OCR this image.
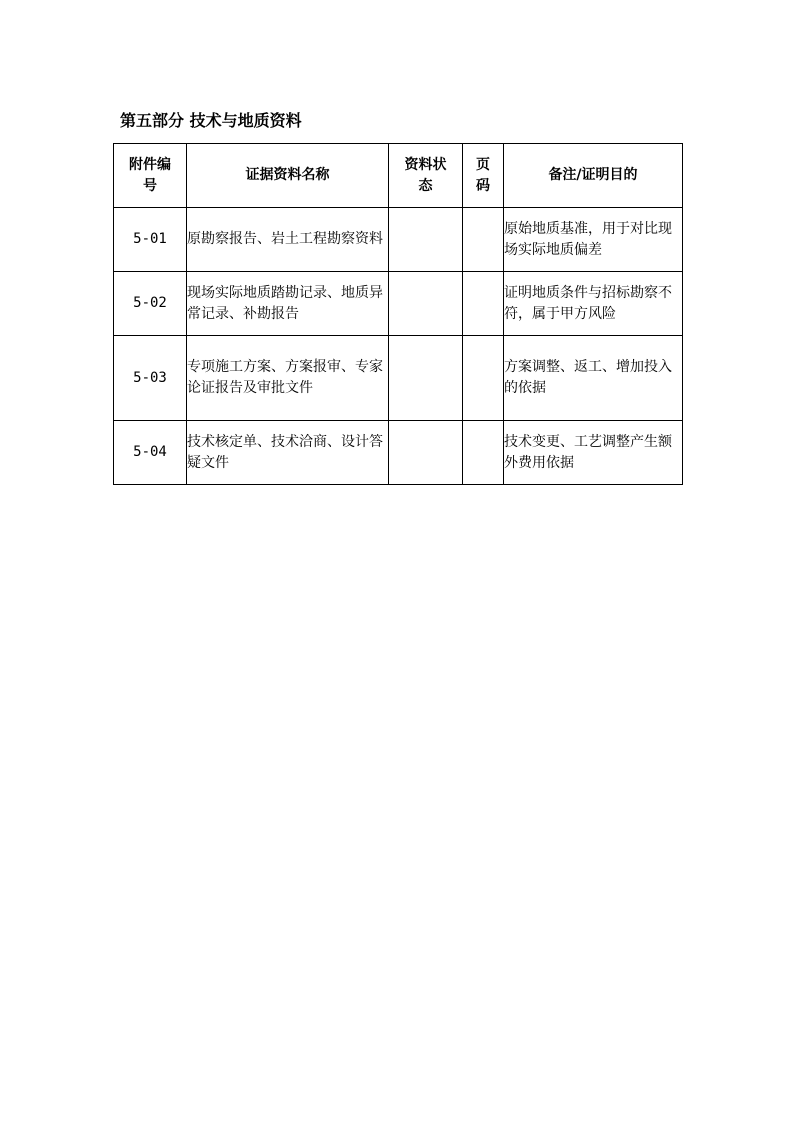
第五部分 技术与地质资料
附件编号	证据资料名称	资料状态	页码	备注/证明目的

5-01	原勘察报告、岩土工程勘察资料			原始地质基准，用于对比现场实际地质偏差
5-02	现场实际地质踏勘记录、地质异常记录、补勘报告			证明地质条件与招标勘察不符，属于甲方风险
5-03	专项施工方案、方案报审、专家论证报告及审批文件			方案调整、返工、增加投入的依据
5-04	技术核定单、技术洽商、设计答疑文件			技术变更、工艺调整产生额外费用依据
